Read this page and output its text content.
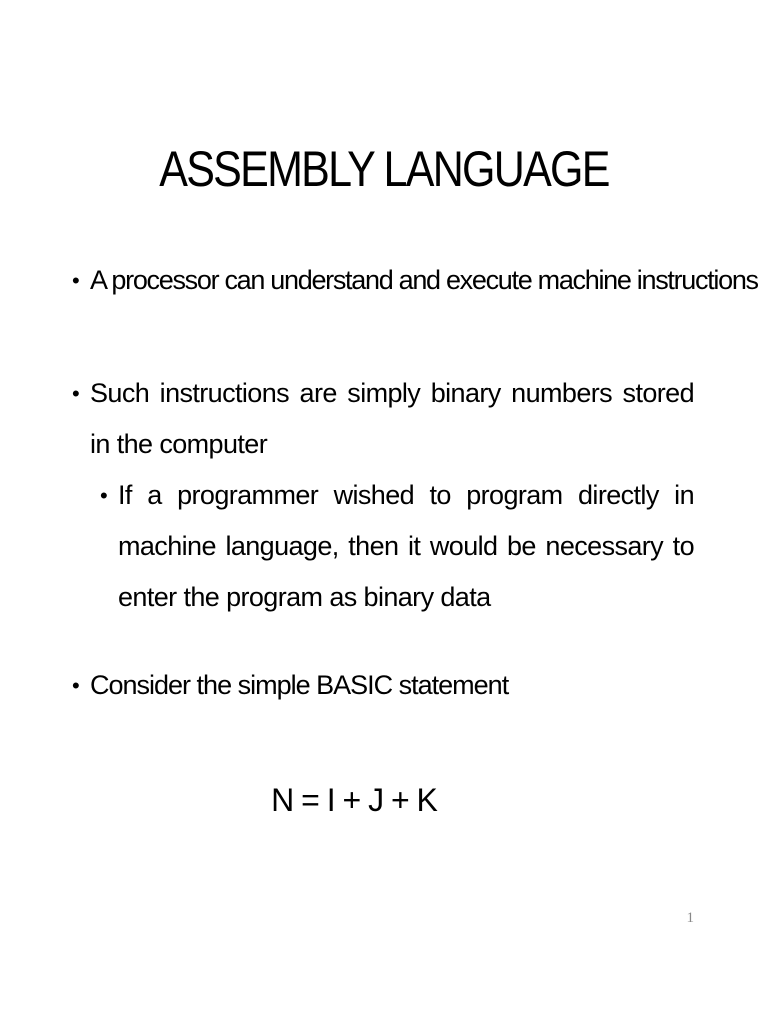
ASSEMBLY LANGUAGE
• A processor can understand and execute machine instructions
• Such instructions are simply binary numbers stored in the computer
• If a programmer wished to program directly in machine language, then it would be necessary to enter the program as binary data
• Consider the simple BASIC statement
N = I + J + K
1
